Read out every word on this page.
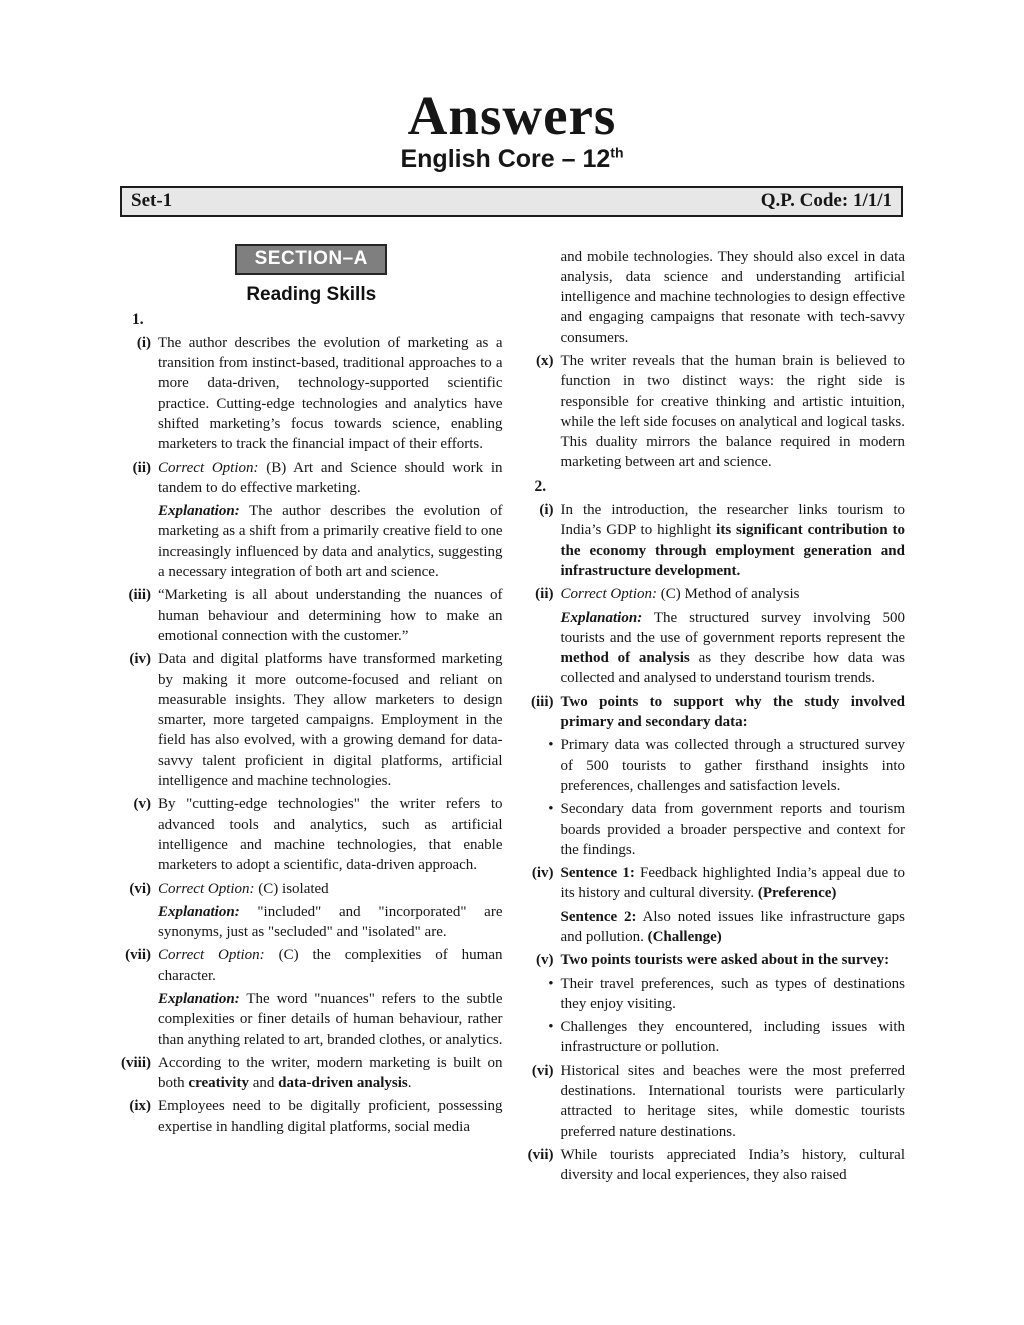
Answers
English Core – 12th
Set-1	Q.P. Code: 1/1/1
SECTION–A
Reading Skills
1.
(i) The author describes the evolution of marketing as a transition from instinct-based, traditional approaches to a more data-driven, technology-supported scientific practice. Cutting-edge technologies and analytics have shifted marketing’s focus towards science, enabling marketers to track the financial impact of their efforts.
(ii) Correct Option: (B) Art and Science should work in tandem to do effective marketing.
Explanation: The author describes the evolution of marketing as a shift from a primarily creative field to one increasingly influenced by data and analytics, suggesting a necessary integration of both art and science.
(iii) “Marketing is all about understanding the nuances of human behaviour and determining how to make an emotional connection with the customer.”
(iv) Data and digital platforms have transformed marketing by making it more outcome-focused and reliant on measurable insights. They allow marketers to design smarter, more targeted campaigns. Employment in the field has also evolved, with a growing demand for data-savvy talent proficient in digital platforms, artificial intelligence and machine technologies.
(v) By "cutting-edge technologies" the writer refers to advanced tools and analytics, such as artificial intelligence and machine technologies, that enable marketers to adopt a scientific, data-driven approach.
(vi) Correct Option: (C) isolated
Explanation: "included" and "incorporated" are synonyms, just as "secluded" and "isolated" are.
(vii) Correct Option: (C) the complexities of human character.
Explanation: The word "nuances" refers to the subtle complexities or finer details of human behaviour, rather than anything related to art, branded clothes, or analytics.
(viii) According to the writer, modern marketing is built on both creativity and data-driven analysis.
(ix) Employees need to be digitally proficient, possessing expertise in handling digital platforms, social media
and mobile technologies. They should also excel in data analysis, data science and understanding artificial intelligence and machine technologies to design effective and engaging campaigns that resonate with tech-savvy consumers.
(x) The writer reveals that the human brain is believed to function in two distinct ways: the right side is responsible for creative thinking and artistic intuition, while the left side focuses on analytical and logical tasks. This duality mirrors the balance required in modern marketing between art and science.
2.
(i) In the introduction, the researcher links tourism to India’s GDP to highlight its significant contribution to the economy through employment generation and infrastructure development.
(ii) Correct Option: (C) Method of analysis
Explanation: The structured survey involving 500 tourists and the use of government reports represent the method of analysis as they describe how data was collected and analysed to understand tourism trends.
(iii) Two points to support why the study involved primary and secondary data:
• Primary data was collected through a structured survey of 500 tourists to gather firsthand insights into preferences, challenges and satisfaction levels.
• Secondary data from government reports and tourism boards provided a broader perspective and context for the findings.
(iv) Sentence 1: Feedback highlighted India’s appeal due to its history and cultural diversity. (Preference)
Sentence 2: Also noted issues like infrastructure gaps and pollution. (Challenge)
(v) Two points tourists were asked about in the survey:
• Their travel preferences, such as types of destinations they enjoy visiting.
• Challenges they encountered, including issues with infrastructure or pollution.
(vi) Historical sites and beaches were the most preferred destinations. International tourists were particularly attracted to heritage sites, while domestic tourists preferred nature destinations.
(vii) While tourists appreciated India’s history, cultural diversity and local experiences, they also raised
